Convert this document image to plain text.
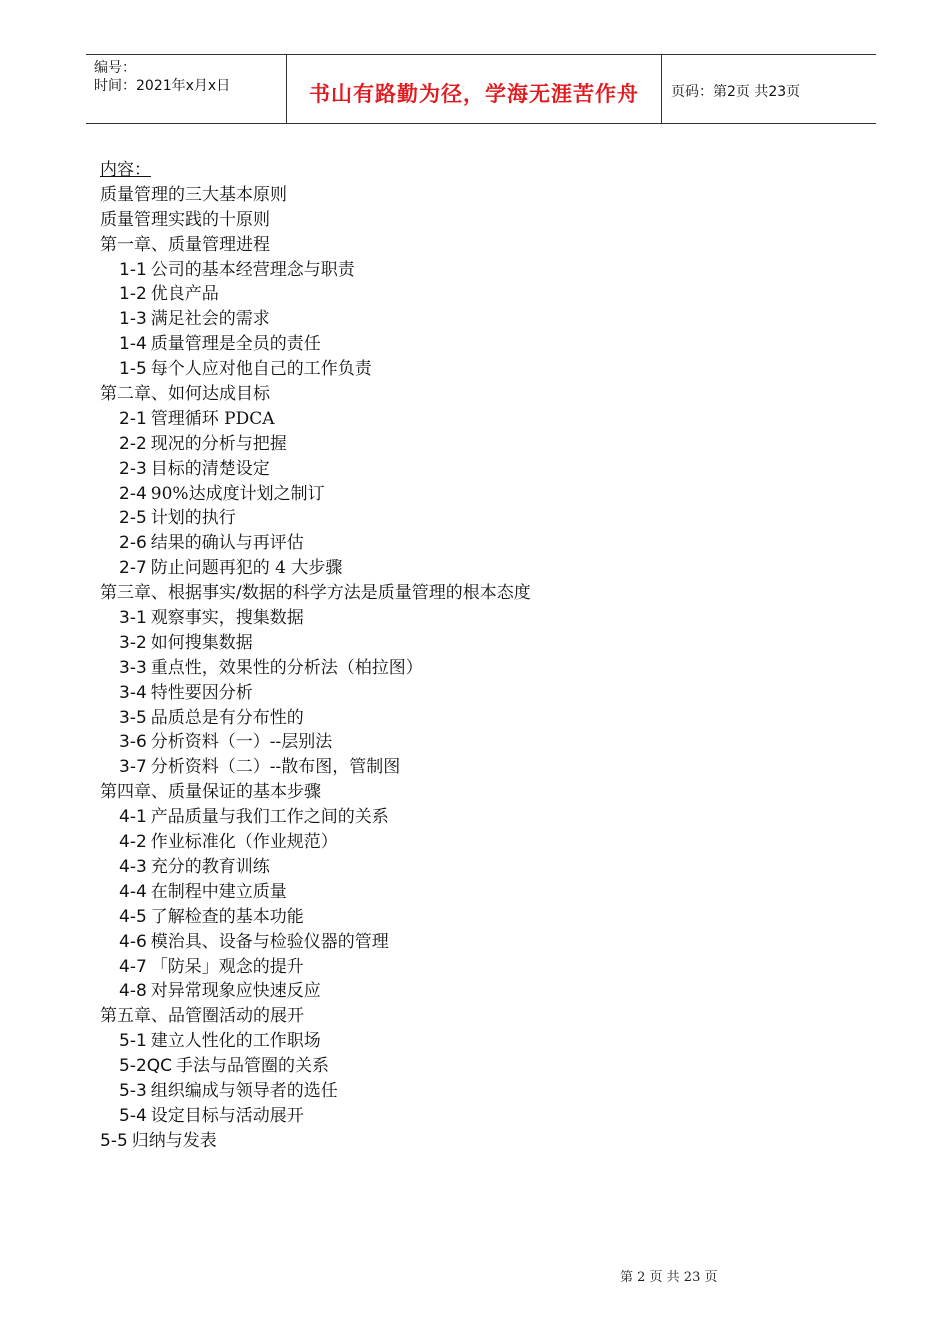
编号：
时间：2021年x月x日	书山有路勤为径，学海无涯苦作舟	页码：第2页 共23页
内容：
质量管理的三大基本原则
质量管理实践的十原则
第一章、质量管理进程
1-1 公司的基本经营理念与职责
1-2 优良产品
1-3 满足社会的需求
1-4 质量管理是全员的责任
1-5 每个人应对他自己的工作负责
第二章、如何达成目标
2-1 管理循环 PDCA
2-2 现况的分析与把握
2-3 目标的清楚设定
2-4 90%达成度计划之制订
2-5 计划的执行
2-6 结果的确认与再评估
2-7 防止问题再犯的 4 大步骤
第三章、根据事实/数据的科学方法是质量管理的根本态度
3-1 观察事实，搜集数据
3-2 如何搜集数据
3-3 重点性，效果性的分析法（柏拉图）
3-4 特性要因分析
3-5 品质总是有分布性的
3-6 分析资料（一）--层别法
3-7 分析资料（二）--散布图，管制图
第四章、质量保证的基本步骤
4-1 产品质量与我们工作之间的关系
4-2 作业标准化（作业规范）
4-3 充分的教育训练
4-4 在制程中建立质量
4-5 了解检查的基本功能
4-6 模治具、设备与检验仪器的管理
4-7 「防呆」观念的提升
4-8 对异常现象应快速反应
第五章、品管圈活动的展开
5-1 建立人性化的工作职场
5-2QC 手法与品管圈的关系
5-3 组织编成与领导者的选任
5-4 设定目标与活动展开
5-5 归纳与发表
第 2 页 共 23 页
